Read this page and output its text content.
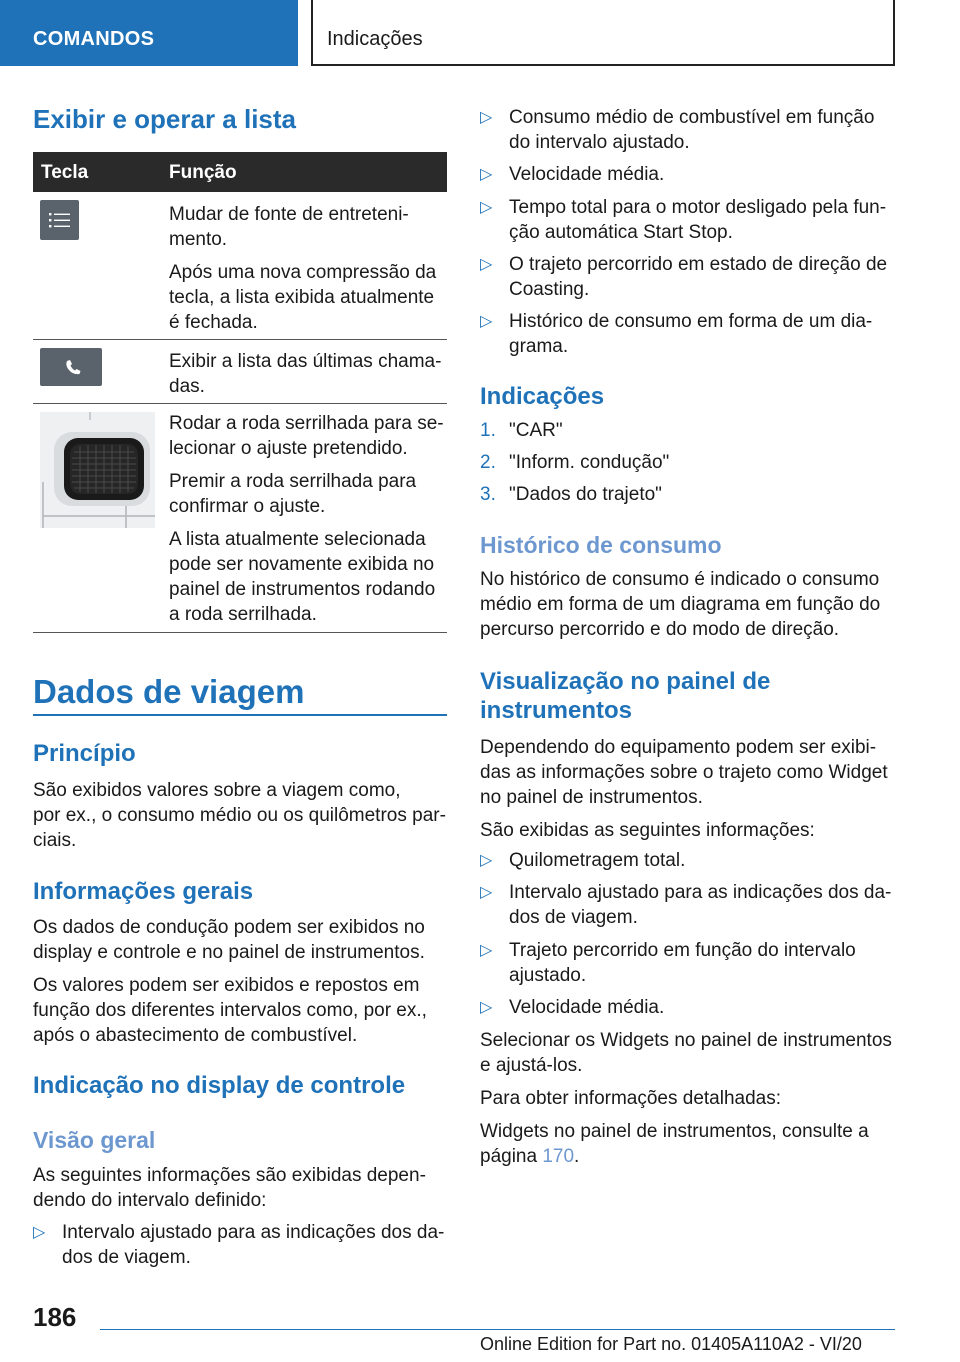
COMANDOS	Indicações
Exibir e operar a lista
Tecla	Função
Mudar de fonte de entreteni-
mento.
Após uma nova compressão da
tecla, a lista exibida atualmente
é fechada.
Exibir a lista das últimas chama-
das.
Rodar a roda serrilhada para se-
lecionar o ajuste pretendido.
Premir a roda serrilhada para
confirmar o ajuste.
A lista atualmente selecionada
pode ser novamente exibida no
painel de instrumentos rodando
a roda serrilhada.
Dados de viagem
Princípio
São exibidos valores sobre a viagem como,
por ex., o consumo médio ou os quilômetros par-
ciais.
Informações gerais
Os dados de condução podem ser exibidos no
display e controle e no painel de instrumentos.
Os valores podem ser exibidos e repostos em
função dos diferentes intervalos como, por ex.,
após o abastecimento de combustível.
Indicação no display de controle
Visão geral
As seguintes informações são exibidas depen-
dendo do intervalo definido:
▷ Intervalo ajustado para as indicações dos da-
dos de viagem.
▷ Consumo médio de combustível em função
do intervalo ajustado.
▷ Velocidade média.
▷ Tempo total para o motor desligado pela fun-
ção automática Start Stop.
▷ O trajeto percorrido em estado de direção de
Coasting.
▷ Histórico de consumo em forma de um dia-
grama.
Indicações
1. "CAR"
2. "Inform. condução"
3. "Dados do trajeto"
Histórico de consumo
No histórico de consumo é indicado o consumo
médio em forma de um diagrama em função do
percurso percorrido e do modo de direção.
Visualização no painel de
instrumentos
Dependendo do equipamento podem ser exibi-
das as informações sobre o trajeto como Widget
no painel de instrumentos.
São exibidas as seguintes informações:
▷ Quilometragem total.
▷ Intervalo ajustado para as indicações dos da-
dos de viagem.
▷ Trajeto percorrido em função do intervalo
ajustado.
▷ Velocidade média.
Selecionar os Widgets no painel de instrumentos
e ajustá-los.
Para obter informações detalhadas:
Widgets no painel de instrumentos, consulte a
página 170.
186
Online Edition for Part no. 01405A110A2 - VI/20
